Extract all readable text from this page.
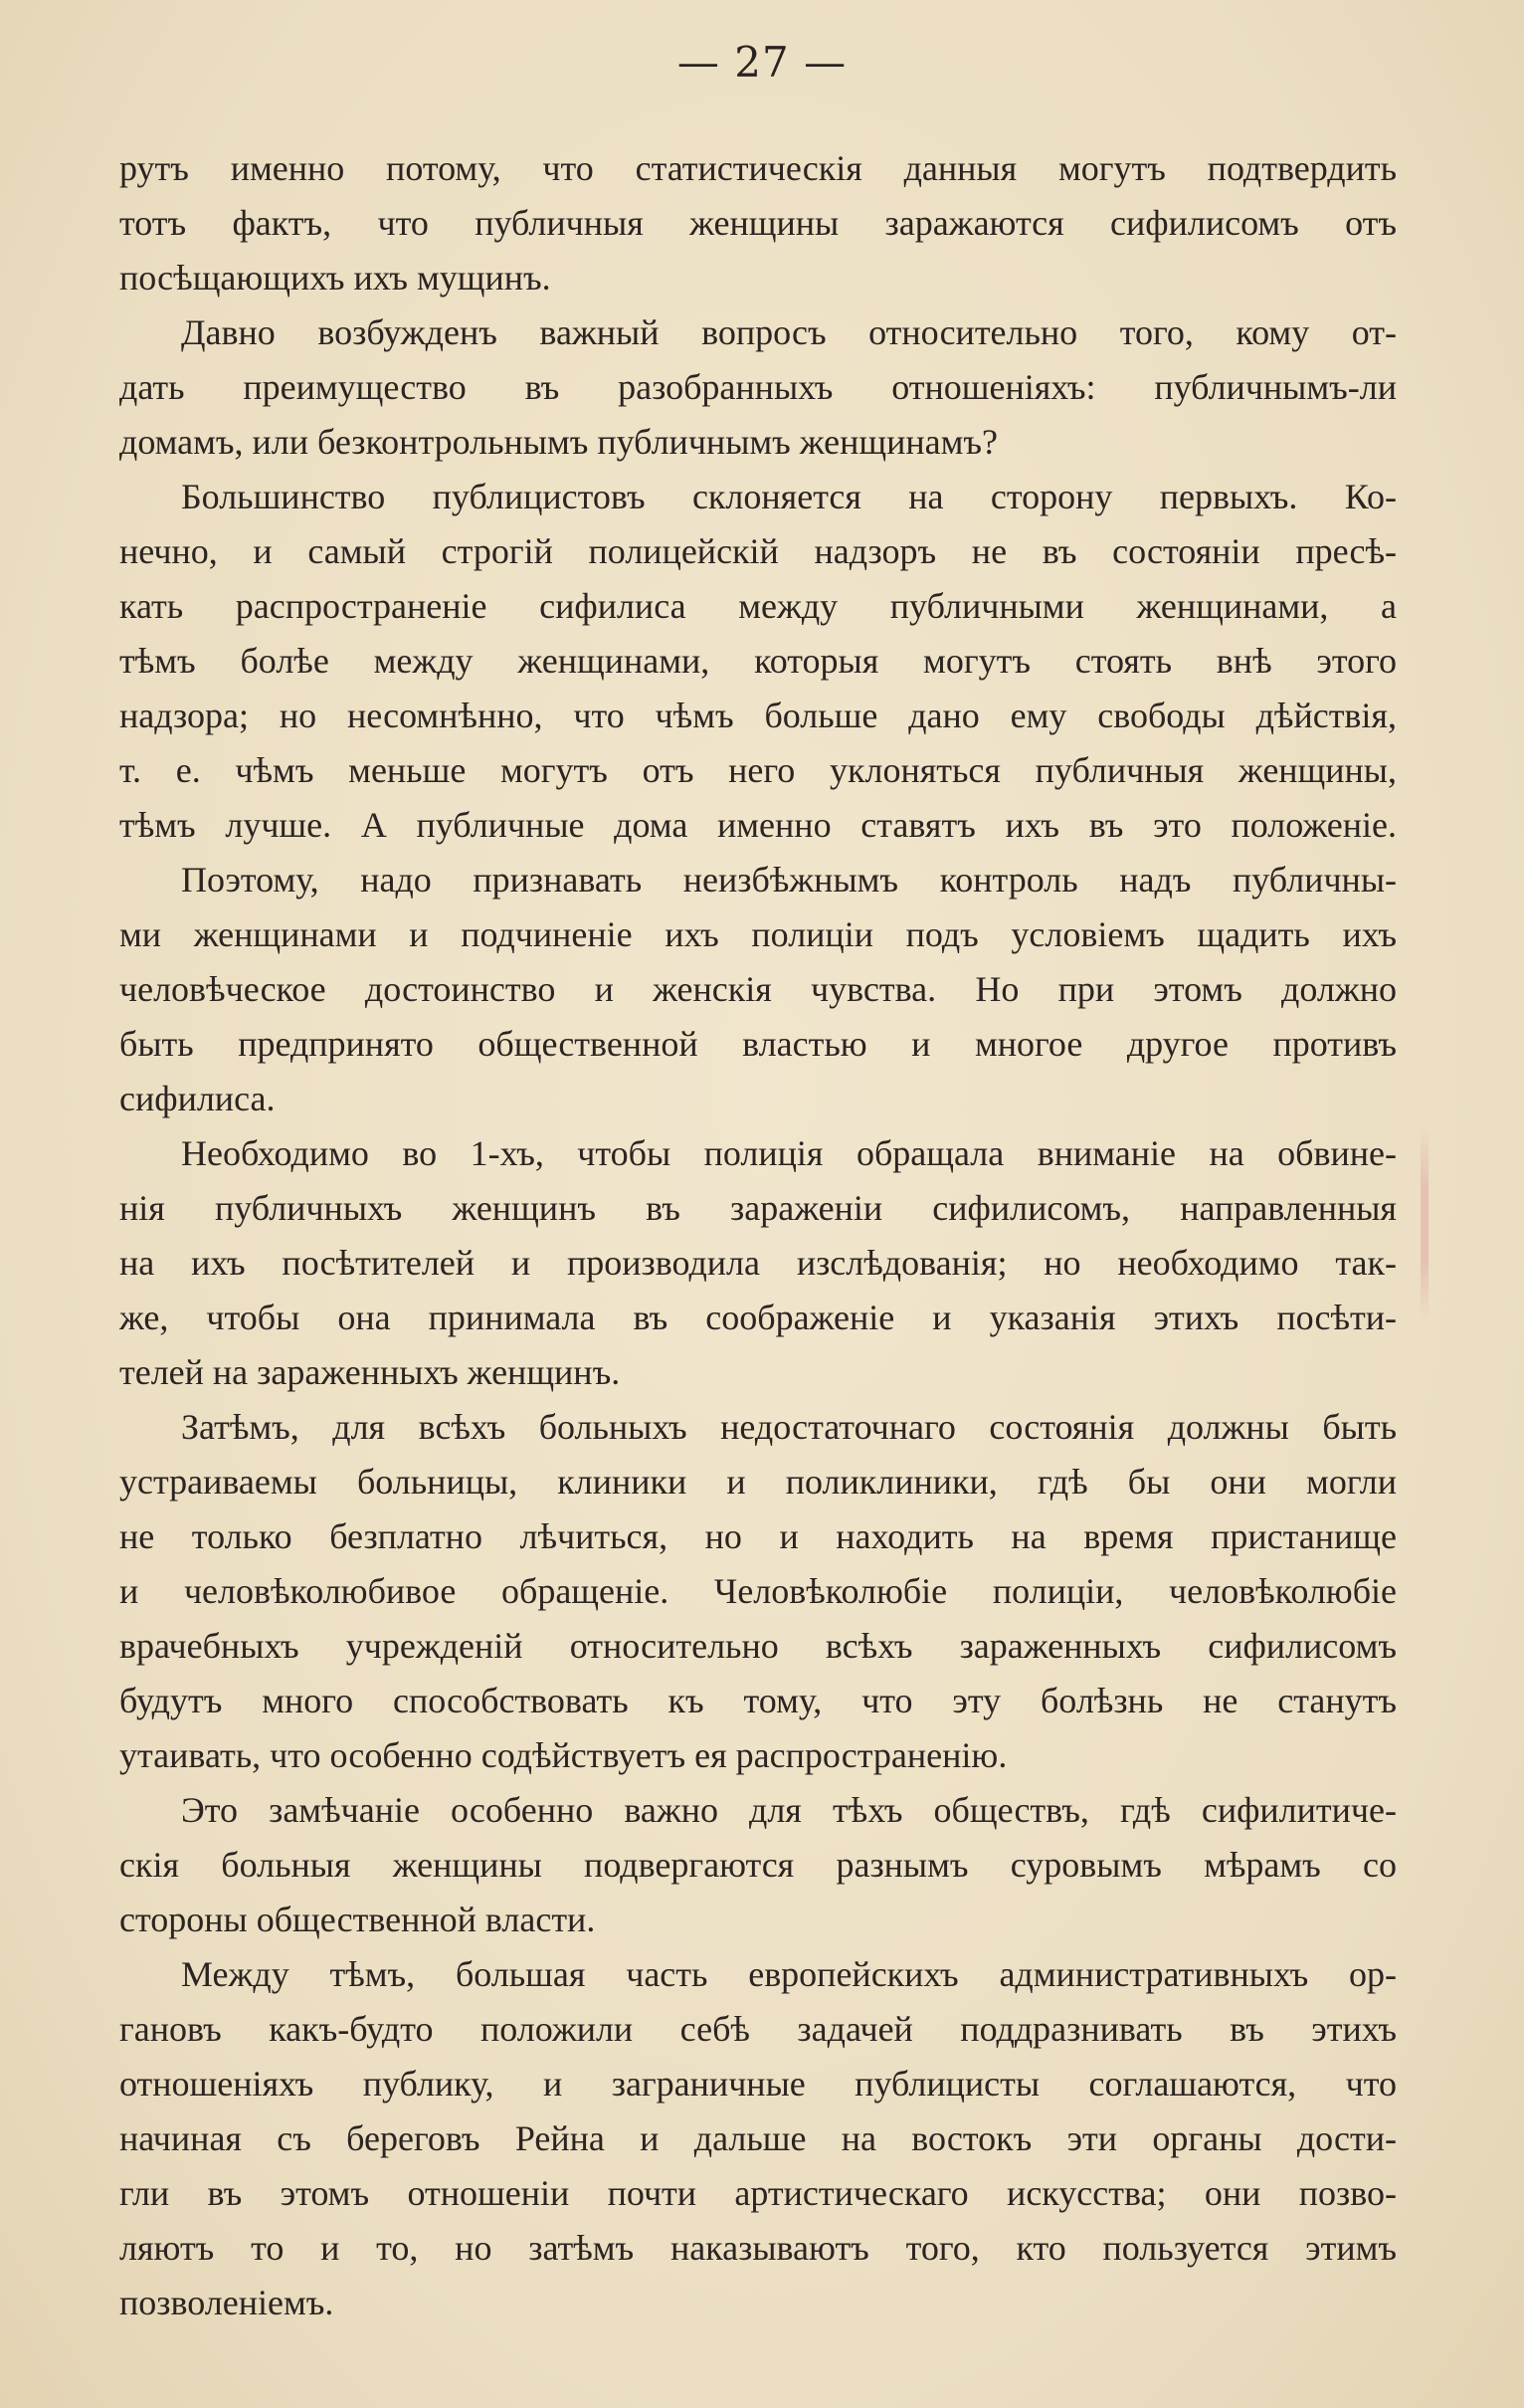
— 27 —
рутъ именно потому, что статистическія данныя могутъ подтвердить
тотъ фактъ, что публичныя женщины заражаются сифилисомъ отъ
посѣщающихъ ихъ мущинъ.
Давно возбужденъ важный вопросъ относительно того, кому от-
дать преимущество въ разобранныхъ отношеніяхъ: публичнымъ-ли
домамъ, или безконтрольнымъ публичнымъ женщинамъ?
Большинство публицистовъ склоняется на сторону первыхъ. Ко-
нечно, и самый строгій полицейскій надзоръ не въ состояніи пресѣ-
кать распространеніе сифилиса между публичными женщинами, а
тѣмъ болѣе между женщинами, которыя могутъ стоять внѣ этого
надзора; но несомнѣнно, что чѣмъ больше дано ему свободы дѣйствія,
т. е. чѣмъ меньше могутъ отъ него уклоняться публичныя женщины,
тѣмъ лучше. А публичные дома именно ставятъ ихъ въ это положеніе.
Поэтому, надо признавать неизбѣжнымъ контроль надъ публичны-
ми женщинами и подчиненіе ихъ полиціи подъ условіемъ щадить ихъ
человѣческое достоинство и женскія чувства. Но при этомъ должно
быть предпринято общественной властью и многое другое противъ
сифилиса.
Необходимо во 1-хъ, чтобы полиція обращала вниманіе на обвине-
нія публичныхъ женщинъ въ зараженіи сифилисомъ, направленныя
на ихъ посѣтителей и производила изслѣдованія; но необходимо так-
же, чтобы она принимала въ соображеніе и указанія этихъ посѣти-
телей на зараженныхъ женщинъ.
Затѣмъ, для всѣхъ больныхъ недостаточнаго состоянія должны быть
устраиваемы больницы, клиники и поликлиники, гдѣ бы они могли
не только безплатно лѣчиться, но и находить на время пристанище
и человѣколюбивое обращеніе. Человѣколюбіе полиціи, человѣколюбіе
врачебныхъ учрежденій относительно всѣхъ зараженныхъ сифилисомъ
будутъ много способствовать къ тому, что эту болѣзнь не станутъ
утаивать, что особенно содѣйствуетъ ея распространенію.
Это замѣчаніе особенно важно для тѣхъ обществъ, гдѣ сифилитиче-
скія больныя женщины подвергаются разнымъ суровымъ мѣрамъ со
стороны общественной власти.
Между тѣмъ, большая часть европейскихъ административныхъ ор-
гановъ какъ-будто положили себѣ задачей поддразнивать въ этихъ
отношеніяхъ публику, и заграничные публицисты соглашаются, что
начиная съ береговъ Рейна и дальше на востокъ эти органы дости-
гли въ этомъ отношеніи почти артистическаго искусства; они позво-
ляютъ то и то, но затѣмъ наказываютъ того, кто пользуется этимъ
позволеніемъ.
